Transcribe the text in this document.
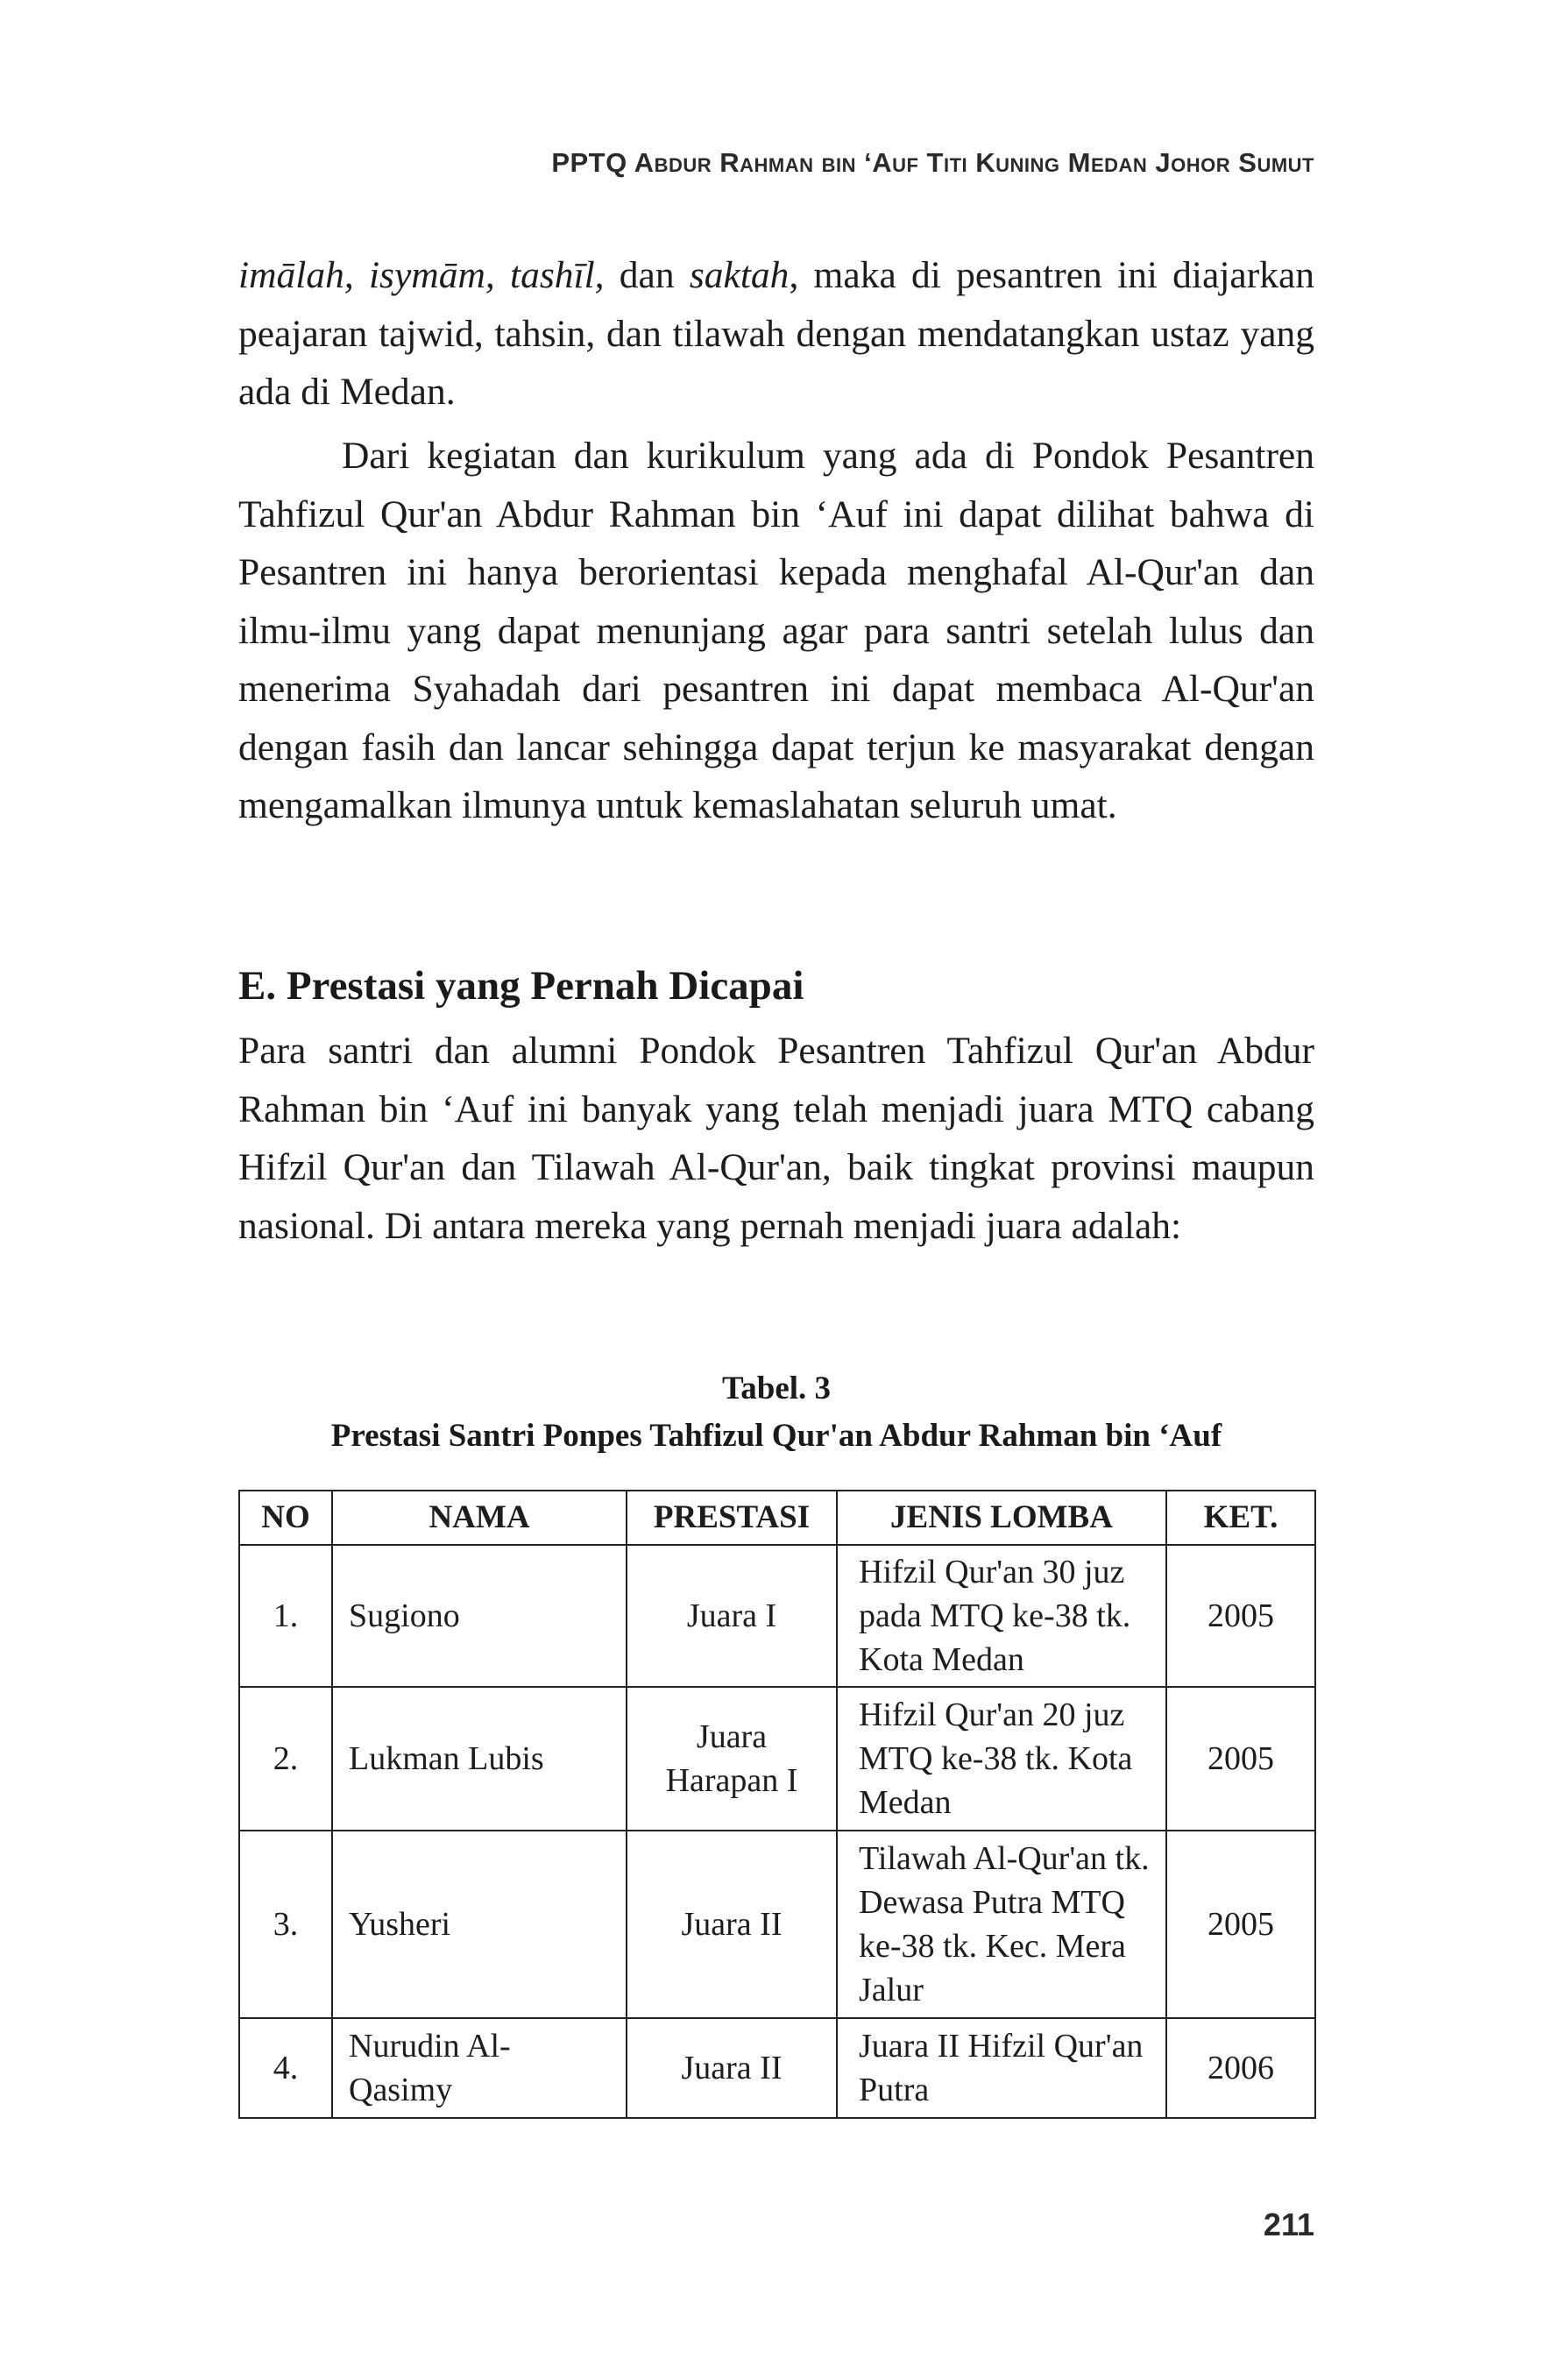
PPTQ Abdur Rahman bin ‘Auf Titi Kuning Medan Johor Sumut

imālah, isymām, tashīl, dan saktah, maka di pesantren ini diajarkan peajaran tajwid, tahsin, dan tilawah dengan mendatangkan ustaz yang ada di Medan.

Dari kegiatan dan kurikulum yang ada di Pondok Pesantren Tahfizul Qur'an Abdur Rahman bin ‘Auf ini dapat dilihat bahwa di Pesantren ini hanya berorientasi kepada menghafal Al-Qur'an dan ilmu-ilmu yang dapat menunjang agar para santri setelah lulus dan menerima Syahadah dari pesantren ini dapat membaca Al-Qur'an dengan fasih dan lancar sehingga dapat terjun ke masyarakat dengan mengamalkan ilmunya untuk kemaslahatan seluruh umat.

E. Prestasi yang Pernah Dicapai

Para santri dan alumni Pondok Pesantren Tahfizul Qur'an Abdur Rahman bin ‘Auf ini banyak yang telah menjadi juara MTQ cabang Hifzil Qur'an dan Tilawah Al-Qur'an, baik tingkat provinsi maupun nasional. Di antara mereka yang pernah menjadi juara adalah:

Tabel. 3
Prestasi Santri Ponpes Tahfizul Qur'an Abdur Rahman bin ‘Auf
NO	NAMA	PRESTASI	JENIS LOMBA	KET.
1.	Sugiono	Juara I	Hifzil Qur'an 30 juz pada MTQ ke-38 tk. Kota Medan	2005
2.	Lukman Lubis	Juara Harapan I	Hifzil Qur'an 20 juz MTQ ke-38 tk. Kota Medan	2005
3.	Yusheri	Juara II	Tilawah Al-Qur'an tk. Dewasa Putra MTQ ke-38 tk. Kec. Mera Jalur	2005
4.	Nurudin Al-Qasimy	Juara II	Juara II Hifzil Qur'an Putra	2006
211
